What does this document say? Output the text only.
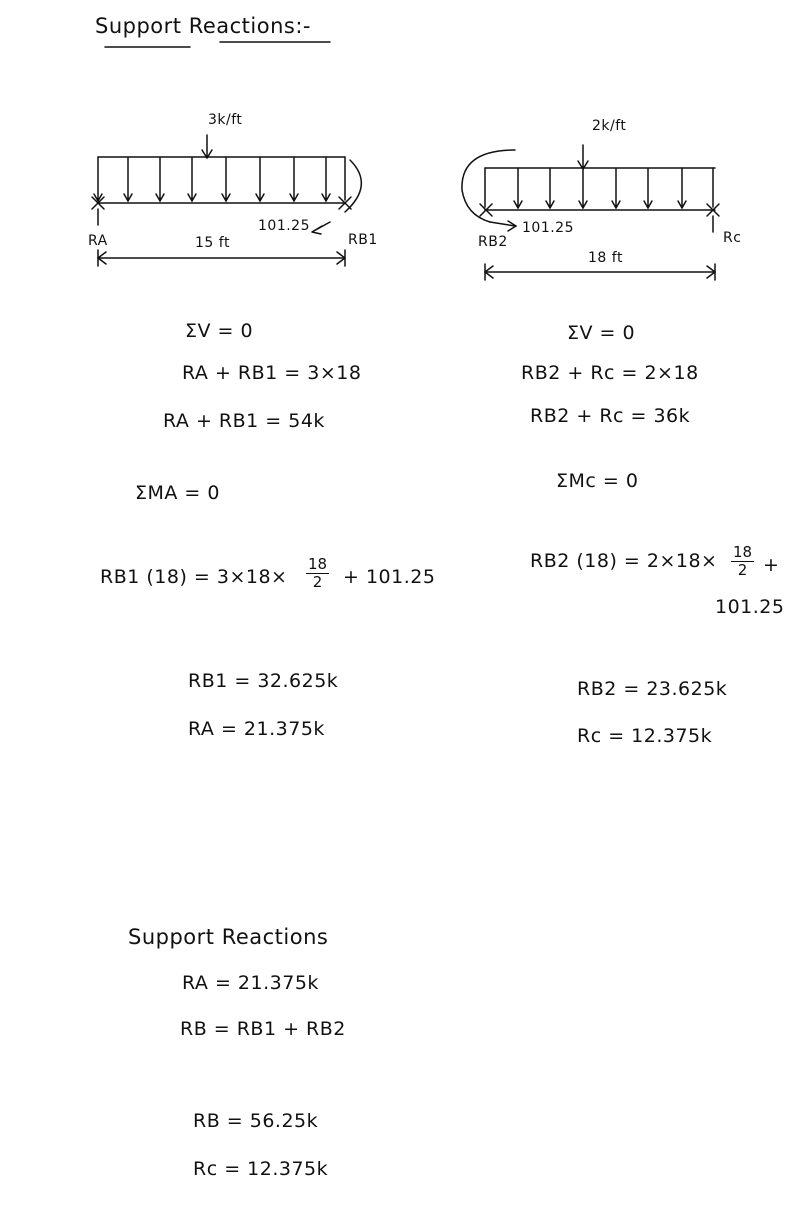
Support Reactions:-
3k/ft
101.25
RA	RB1
15 ft
2k/ft
101.25
RB2	Rc
18 ft
ΣV = 0
RA + RB1 = 3×18
RA + RB1 = 54k
ΣMA = 0
RB1 $(18) = 3\times 18\times \frac{18}{2} + 101.25$
RB1 = 32.625k
RA = 21.375k
ΣV = 0
RB2 + Rc = 2×18
RB2 + Rc = 36k
ΣMc = 0
RB2 $(18) = 2\times 18\times \frac{18}{2}$ +
101.25
RB2 = 23.625k
Rc = 12.375k
Support Reactions
RA = 21.375k
RB = RB1 + RB2
RB = 56.25k
Rc = 12.375k
